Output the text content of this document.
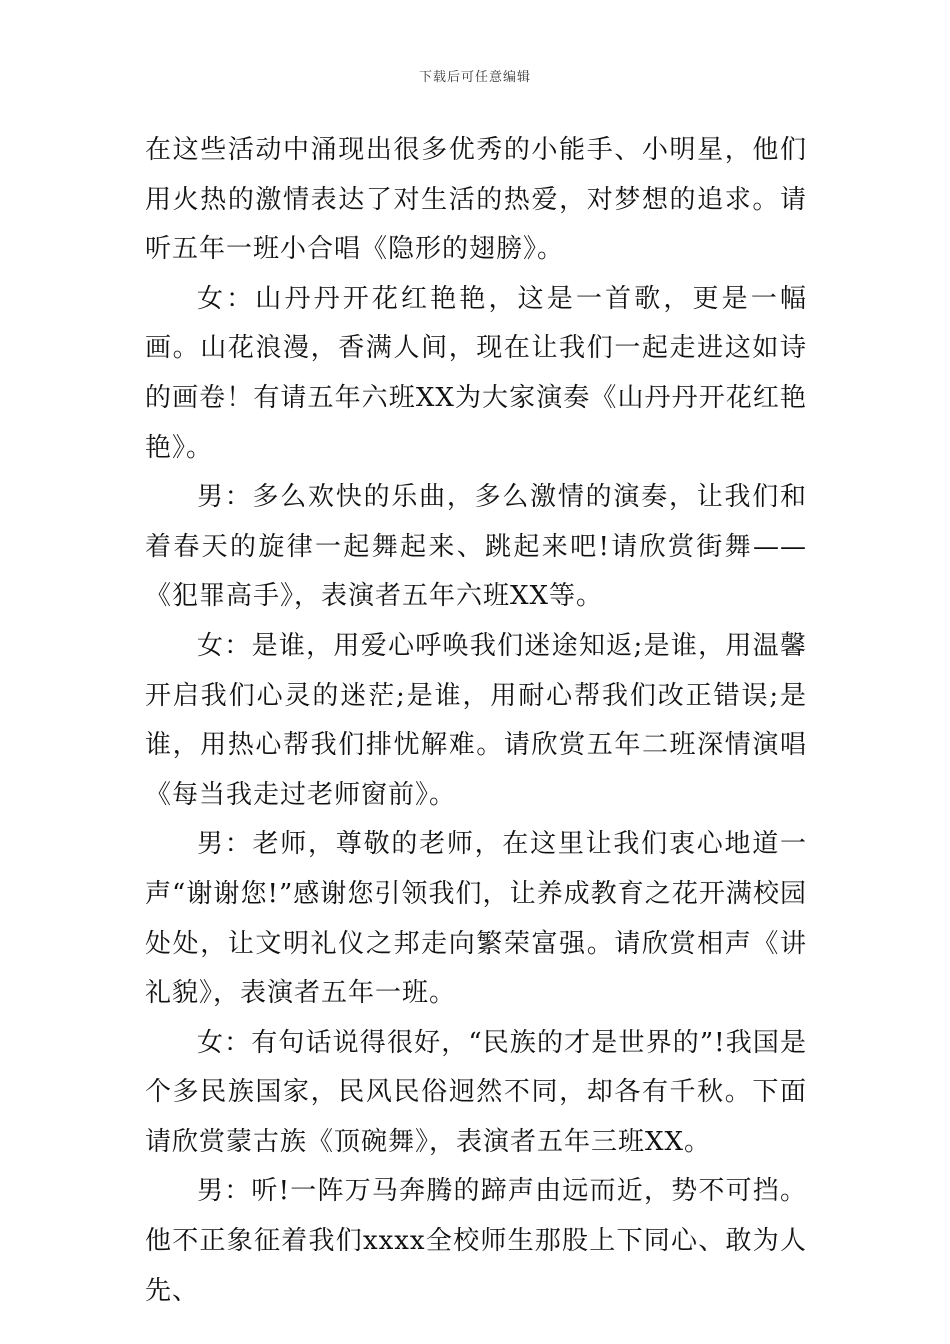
下载后可任意编辑

在这些活动中涌现出很多优秀的小能手、小明星，他们用火热的激情表达了对生活的热爱，对梦想的追求。请听五年一班小合唱《隐形的翅膀》。

女：山丹丹开花红艳艳，这是一首歌，更是一幅画。山花浪漫，香满人间，现在让我们一起走进这如诗的画卷！有请五年六班XX为大家演奏《山丹丹开花红艳艳》。

男：多么欢快的乐曲，多么激情的演奏，让我们和着春天的旋律一起舞起来、跳起来吧!请欣赏街舞——《犯罪高手》，表演者五年六班XX等。

女：是谁，用爱心呼唤我们迷途知返;是谁，用温馨开启我们心灵的迷茫;是谁，用耐心帮我们改正错误;是谁，用热心帮我们排忧解难。请欣赏五年二班深情演唱《每当我走过老师窗前》。

男：老师，尊敬的老师，在这里让我们衷心地道一声“谢谢您!”感谢您引领我们，让养成教育之花开满校园处处，让文明礼仪之邦走向繁荣富强。请欣赏相声《讲礼貌》，表演者五年一班。

女：有句话说得很好，“民族的才是世界的”!我国是个多民族国家，民风民俗迥然不同，却各有千秋。下面请欣赏蒙古族《顶碗舞》，表演者五年三班XX。

男：听!一阵万马奔腾的蹄声由远而近，势不可挡。他不正象征着我们xxxx全校师生那股上下同心、敢为人先、
